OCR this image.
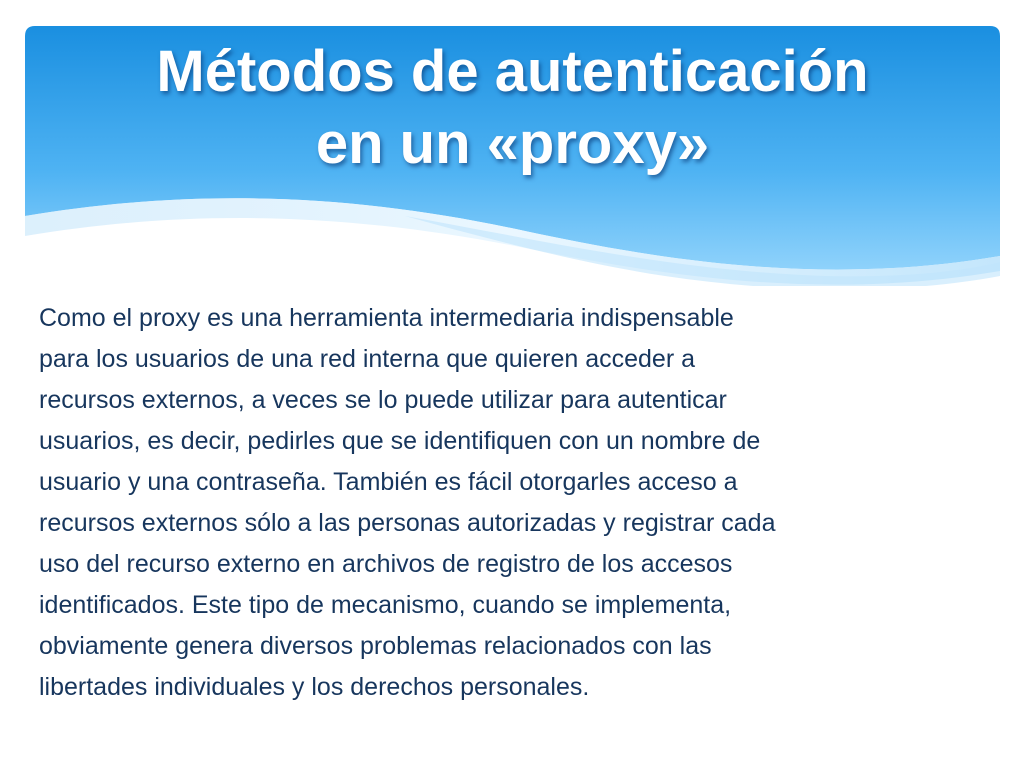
Métodos de autenticación
en un «proxy»

Como el proxy es una herramienta intermediaria indispensable
para los usuarios de una red interna que quieren acceder a
recursos externos, a veces se lo puede utilizar para autenticar
usuarios, es decir, pedirles que se identifiquen con un nombre de
usuario y una contraseña. También es fácil otorgarles acceso a
recursos externos sólo a las personas autorizadas y registrar cada
uso del recurso externo en archivos de registro de los accesos
identificados. Este tipo de mecanismo, cuando se implementa,
obviamente genera diversos problemas relacionados con las
libertades individuales y los derechos personales.
